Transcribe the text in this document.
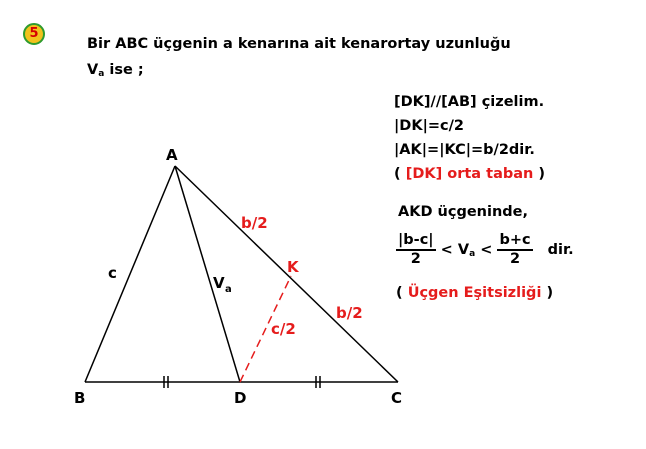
5
Bir ABC üçgenin a kenarına ait kenarortay uzunluğu
$V_a$ ise ;
[DK]//[AB] çizelim.
|DK|=c/2
|AK|=|KC|=b/2dir.
( [DK] orta taban )
AKD üçgeninde,
$\frac{|b-c|}{2} < V_a < \frac{b+c}{2}$ dir.
( Üçgen Eşitsizliği )
A
B	C
D
K
c
V a
b/2
b/2
c/2
